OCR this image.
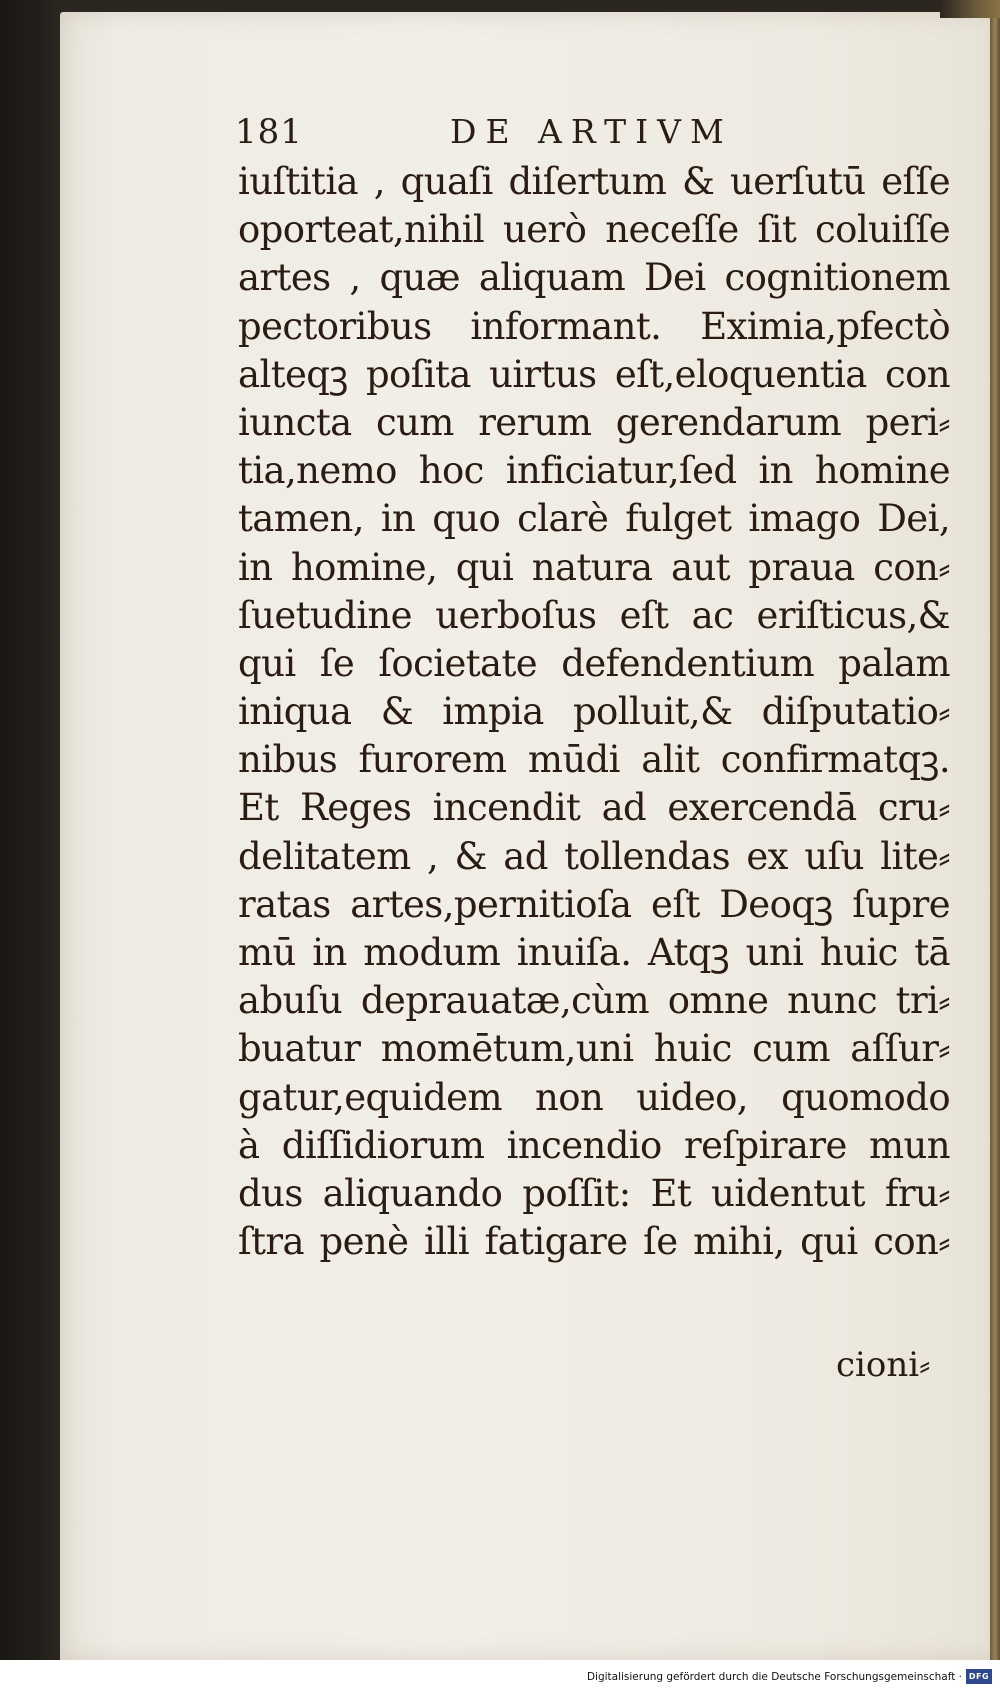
181	DE ARTIVM
iuſtitia , quaſi diſertum & uerſutū eſſe
oporteat,nihil uerò neceſſe ſit coluiſſe
artes , quæ aliquam Dei cognitionem
pectoribus informant. Eximia,pfectò
alteqꝫ poſita uirtus eſt,eloquentia con
iuncta cum rerum gerendarum peri⸗
tia,nemo hoc inficiatur,ſed in homine
tamen, in quo clarè fulget imago Dei,
in homine, qui natura aut praua con⸗
ſuetudine uerboſus eſt ac eriſticus,&
qui ſe ſocietate defendentium palam
iniqua & impia polluit,& diſputatio⸗
nibus furorem mūdi alit confirmatqꝫ.
Et Reges incendit ad exercendā cru⸗
delitatem , & ad tollendas ex uſu lite⸗
ratas artes,pernitioſa eſt Deoqꝫ ſupre
mū in modum inuiſa. Atqꝫ uni huic tā
abuſu deprauatæ,cùm omne nunc tri⸗
buatur momētum,uni huic cum aſſur⸗
gatur,equidem non uideo, quomodo
à diſſidiorum incendio reſpirare mun
dus aliquando poſſit: Et uidentut fru⸗
ſtra penè illi fatigare ſe mihi, qui con⸗
cioni⸗
Digitalisierung gefördert durch die Deutsche Forschungsgemeinschaft · DFG
